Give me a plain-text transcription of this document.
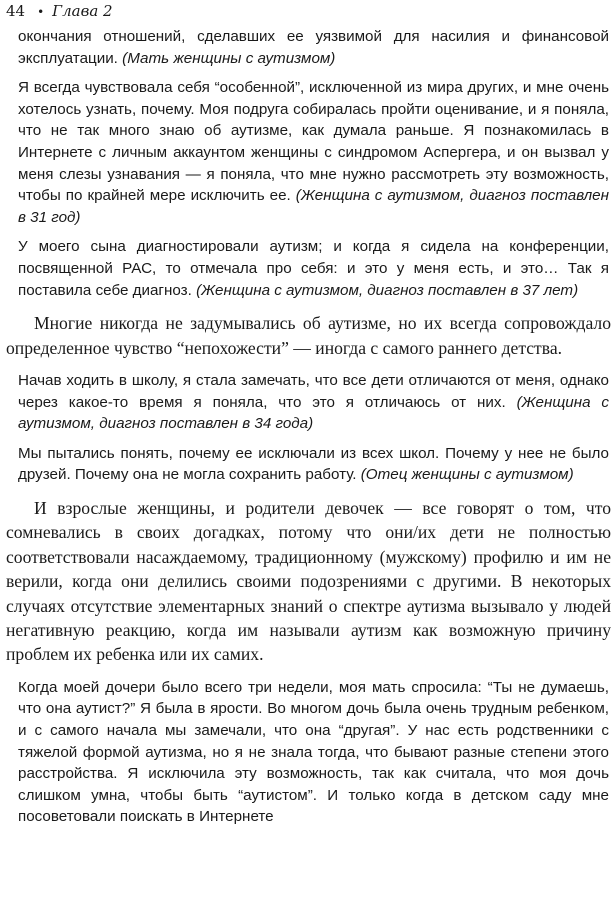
44 • Глава 2

окончания отношений, сделавших ее уязвимой для насилия и финансовой эксплуатации. (Мать женщины с аутизмом)

Я всегда чувствовала себя “особенной”, исключенной из мира других, и мне очень хотелось узнать, почему. Моя подруга собиралась пройти оценивание, и я поняла, что не так много знаю об аутизме, как думала раньше. Я познакомилась в Интернете с личным аккаунтом женщины с синдромом Аспергера, и он вызвал у меня слезы узнавания — я поняла, что мне нужно рассмотреть эту возможность, чтобы по крайней мере исключить ее. (Женщина с аутизмом, диагноз поставлен в 31 год)

У моего сына диагностировали аутизм; и когда я сидела на конференции, посвященной РАС, то отмечала про себя: и это у меня есть, и это… Так я поставила себе диагноз. (Женщина с аутизмом, диагноз поставлен в 37 лет)

Многие никогда не задумывались об аутизме, но их всегда сопровождало определенное чувство “непохожести” — иногда с самого раннего детства.

Начав ходить в школу, я стала замечать, что все дети отличаются от меня, однако через какое-то время я поняла, что это я отличаюсь от них. (Женщина с аутизмом, диагноз поставлен в 34 года)

Мы пытались понять, почему ее исключали из всех школ. Почему у нее не было друзей. Почему она не могла сохранить работу. (Отец женщины с аутизмом)

И взрослые женщины, и родители девочек — все говорят о том, что сомневались в своих догадках, потому что они/их дети не полностью соответствовали насаждаемому, традиционному (мужскому) профилю и им не верили, когда они делились своими подозрениями с другими. В некоторых случаях отсутствие элементарных знаний о спектре аутизма вызывало у людей негативную реакцию, когда им называли аутизм как возможную причину проблем их ребенка или их самих.

Когда моей дочери было всего три недели, моя мать спросила: “Ты не думаешь, что она аутист?” Я была в ярости. Во многом дочь была очень трудным ребенком, и с самого начала мы замечали, что она “другая”. У нас есть родственники с тяжелой формой аутизма, но я не знала тогда, что бывают разные степени этого расстройства. Я исключила эту возможность, так как считала, что моя дочь слишком умна, чтобы быть “аутистом”. И только когда в детском саду мне посоветовали поискать в Интернете
